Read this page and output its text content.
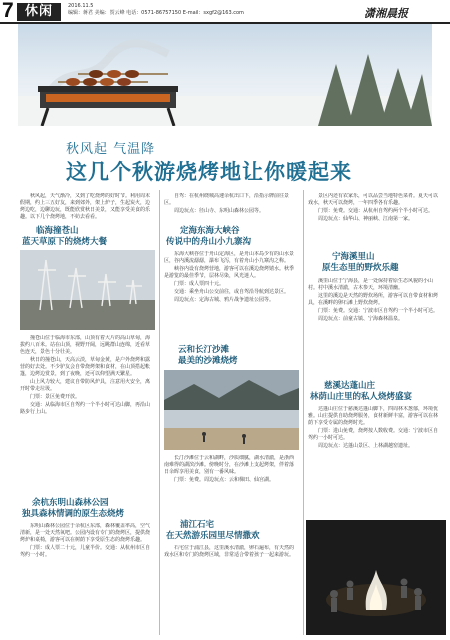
7 休闲	2016.11.5
编辑：蒋君 美编：贺云峰 电话：0571-86757150 E-mail：sxgf2@163.com	潇湘晨报
秋风起 气温降
这几个秋游烧烤地让你暖起来

秋风起，天气渐冷，又到了吃烧烤的好时节。利用周末假期，约上三五好友，来到郊外，架上炉子，生起炭火，边烤边吃，边聊边玩，既能欣赏秋日美景，又能享受美食的乐趣。以下几个烧烤地，不妨去看看。

临海撞苍山
蓝天草原下的烧烤大餐

撞苍山位于临海市东部，山顶有着大片的高山草甸，海拔约八百米。站在山顶，视野开阔，远眺群山连绵，近看草色连天，景色十分壮美。

秋日的撞苍山，天高云淡，草甸金黄，是户外烧烤和露营的好去处。不少驴友会自带烧烤架和食材，在山顶搭起帐篷，边烤边赏景，到了夜晚，还可以仰望满天繁星。

山上风力较大，建议自带防风炉具，注意用火安全，离开时带走垃圾。

门票：景区免费开放。

交通：从临海市区自驾约一个半小时可达山脚，再沿山路步行上山。

余杭东明山森林公园
独具森林情调的原生态烧烤

东明山森林公园位于余杭区东部，森林覆盖率高，空气清新，是一处天然氧吧。公园内设有专门的烧烤区，提供烧烤炉和桌椅，游客可以在树荫下享受原生态的烧烤乐趣。

门票：成人票二十元，儿童半价。交通：从杭州市区自驾约一小时。

自驾：在杭州绕城高速余杭出口下，沿指示牌前往景区。

周边玩点：径山寺、东明山森林公园等。

定海东海大峡谷
传说中的舟山小九寨沟

东海大峡谷位于舟山定海区，是舟山本岛少有的山水景区，谷内溪流潺潺，瀑布飞泻，有着舟山小九寨沟之称。

峡谷内设有烧烤营地，游客可以在溪边烧烤嬉水。秋季是游览的最佳季节，层林尽染，风光迷人。

门票：成人票四十元。

交通：乘坐舟山公交前往，或自驾沿导航到达景区。

周边玩点：定海古城、鸦片战争遗址公园等。

云和长汀沙滩
最美的沙滩烧烤

长汀沙滩位于云和湖畔，沙质细腻，湖水清澈，是浙西南难得的湖滨沙滩。傍晚时分，在沙滩上支起烤架，伴着落日余晖享用美食，别有一番风味。

门票：免费。周边玩点：云和梯田、仙宫湖。

浦江石宅
在天然游乐园里尽情撒欢

石宅位于浦江县，这里溪水清澈，卵石遍布，有天然的戏水区和专门的烧烤区域，非常适合带着孩子一起来游玩。

景区内还有农家乐，可以品尝当地特色菜肴。夏天可以戏水，秋天可以烧烤，一年四季各有乐趣。

门票：免费。交通：从杭州自驾约两个半小时可达。

周边玩点：仙华山、神丽峡、江南第一家。

宁海溪里山
原生态里的野炊乐趣

溪里山位于宁海县，是一处保持着原生态风貌的小山村。村中溪水清澈，古木参天，环境清幽。

这里的溪边是天然的野炊场所，游客可以自带食材和烤具，在溪畔的卵石滩上野炊烧烤。

门票：免费。交通：宁波市区自驾约一个半小时可达。

周边玩点：前童古镇、宁海森林温泉。

慈溪达蓬山庄
林荫山庄里的私人烧烤盛宴

达蓬山庄位于慈溪达蓬山脚下，四周林木葱郁，环境优雅。山庄提供自助烧烤服务，食材新鲜丰富，游客可以在林荫下享受专属的烧烤时光。

门票：进山免费，烧烤按人数收费。交通：宁波市区自驾约一小时可达。

周边玩点：达蓬山景区、上林湖越窑遗址。
